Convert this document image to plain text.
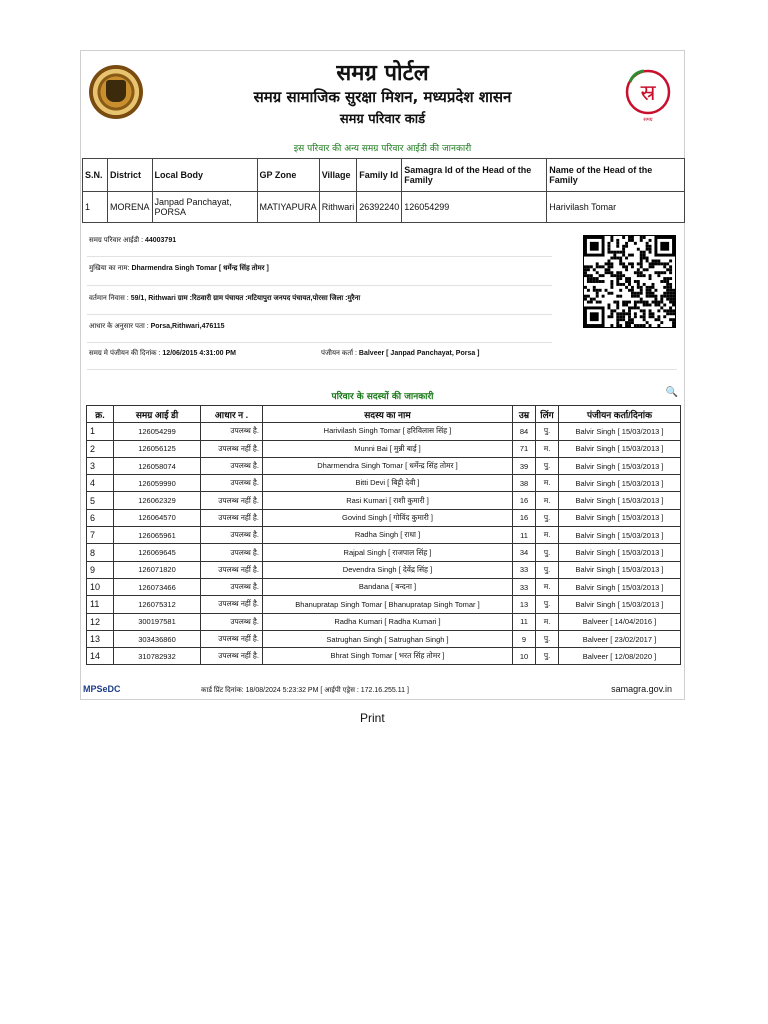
स्र
समग्र
समग्र पोर्टल
समग्र सामाजिक सुरक्षा मिशन, मध्यप्रदेश शासन
समग्र परिवार कार्ड
इस परिवार की अन्य समग्र परिवार आईडी की जानकारी
S.N.	District	Local Body	GP Zone	Village	Family Id	Samagra Id of the Head of the Family	Name of the Head of the Family
1	MORENA	Janpad Panchayat, PORSA	MATIYAPURA	Rithwari	26392240	126054299	Harivilash Tomar
समग्र परिवार आईडी : 44003791
मुखिया का नाम: Dharmendra Singh Tomar [ धर्मेन्द्र सिंह तोमर ]
वर्तमान निवास : 59/1, Rithwari ग्राम :रिठवारी ग्राम पंचायत :मटियापुरा जनपद पंचायत,पोरसा जिला :मुरैना
आधार के अनुसार पता : Porsa,Rithwari,476115
समग्र मे पंजीयन की दिनांक : 12/06/2015 4:31:00 PM	पंजीयन कर्ता : Balveer [ Janpad Panchayat, Porsa ]
परिवार के सदस्यों की जानकारी	🔍
क्र.	समग्र आई डी	आधार न .	सदस्य का नाम	उम्र	लिंग	पंजीयन कर्ता/दिनांक
1	126054299	उपलब्ध है.	Harivilash Singh Tomar [ हरिविलास सिंह ]	84	पु.	Balvir Singh [ 15/03/2013 ]
2	126056125	उपलब्ध नहीं है.	Munni Bai [ मुन्नी बाई ]	71	म.	Balvir Singh [ 15/03/2013 ]
3	126058074	उपलब्ध है.	Dharmendra Singh Tomar [ धर्मेन्द्र सिंह तोमर ]	39	पु.	Balvir Singh [ 15/03/2013 ]
4	126059990	उपलब्ध है.	Bitti Devi [ बिट्टी देवी ]	38	म.	Balvir Singh [ 15/03/2013 ]
5	126062329	उपलब्ध नहीं है.	Rasi Kumari [ राशी कुमारी ]	16	म.	Balvir Singh [ 15/03/2013 ]
6	126064570	उपलब्ध नहीं है.	Govind Singh [ गोविंद कुमारी ]	16	पु.	Balvir Singh [ 15/03/2013 ]
7	126065961	उपलब्ध है.	Radha Singh [ राधा ]	11	म.	Balvir Singh [ 15/03/2013 ]
8	126069645	उपलब्ध है.	Rajpal Singh [ राजपाल सिंह ]	34	पु.	Balvir Singh [ 15/03/2013 ]
9	126071820	उपलब्ध नहीं है.	Devendra Singh [ देवेंद्र सिंह ]	33	पु.	Balvir Singh [ 15/03/2013 ]
10	126073466	उपलब्ध है.	Bandana [ बन्दना ]	33	म.	Balvir Singh [ 15/03/2013 ]
11	126075312	उपलब्ध नहीं है.	Bhanupratap Singh Tomar [ Bhanupratap Singh Tomar ]	13	पु.	Balvir Singh [ 15/03/2013 ]
12	300197581	उपलब्ध है.	Radha Kumari [ Radha Kumari ]	11	म.	Balveer [ 14/04/2016 ]
13	303436860	उपलब्ध नहीं है.	Satrughan Singh [ Satrughan Singh ]	9	पु.	Balveer [ 23/02/2017 ]
14	310782932	उपलब्ध नहीं है.	Bhrat Singh Tomar [ भरत सिंह तोमर ]	10	पु.	Balveer [ 12/08/2020 ]
MPSeDC	कार्ड प्रिंट दिनांक: 18/08/2024 5:23:32 PM [ आईपी एड्रेस : 172.16.255.11 ]	samagra.gov.in
Print
